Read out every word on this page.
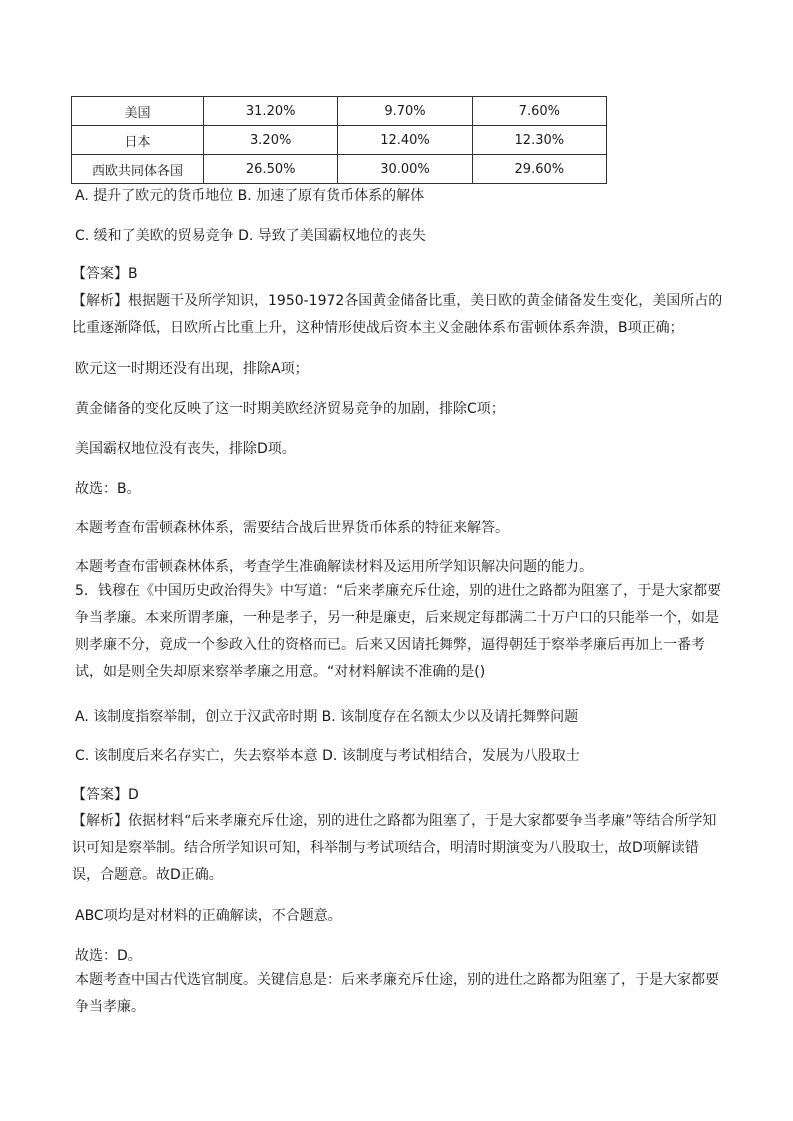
美国	31.20%	9.70%	7.60%
日本	3.20%	12.40%	12.30%
西欧共同体各国	26.50%	30.00%	29.60%
A. 提升了欧元的货币地位 B. 加速了原有货币体系的解体
C. 缓和了美欧的贸易竞争 D. 导致了美国霸权地位的丧失
【答案】B
【解析】根据题干及所学知识，1950-1972各国黄金储备比重，美日欧的黄金储备发生变化，美国所占的比重逐渐降低，日欧所占比重上升，这种情形使战后资本主义金融体系布雷顿体系奔溃，B项正确；
欧元这一时期还没有出现，排除A项；
黄金储备的变化反映了这一时期美欧经济贸易竞争的加剧，排除C项；
美国霸权地位没有丧失，排除D项。
故选：B。
本题考查布雷顿森林体系，需要结合战后世界货币体系的特征来解答。
本题考查布雷顿森林体系，考查学生准确解读材料及运用所学知识解决问题的能力。
5．钱穆在《中国历史政治得失》中写道：“后来孝廉充斥仕途，别的进仕之路都为阻塞了，于是大家都要争当孝廉。本来所谓孝廉，一种是孝子，另一种是廉吏，后来规定每郡满二十万户口的只能举一个，如是则孝廉不分，竟成一个参政入仕的资格而已。后来又因请托舞弊，逼得朝廷于察举孝廉后再加上一番考试，如是则全失却原来察举孝廉之用意。“对材料解读不准确的是()
A. 该制度指察举制，创立于汉武帝时期 B. 该制度存在名额太少以及请托舞弊问题
C. 该制度后来名存实亡，失去察举本意 D. 该制度与考试相结合，发展为八股取士
【答案】D
【解析】依据材料“后来孝廉充斥仕途，别的进仕之路都为阻塞了，于是大家都要争当孝廉”等结合所学知识可知是察举制。结合所学知识可知，科举制与考试项结合，明清时期演变为八股取士，故D项解读错误，合题意。故D正确。
ABC项均是对材料的正确解读，不合题意。
故选：D。
本题考查中国古代选官制度。关键信息是：后来孝廉充斥仕途，别的进仕之路都为阻塞了，于是大家都要争当孝廉。
